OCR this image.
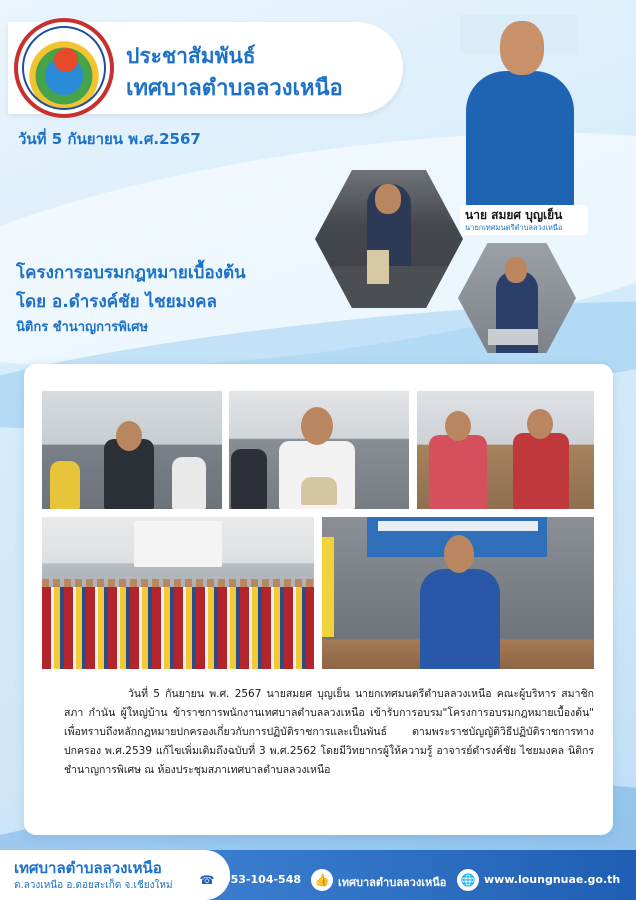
ประชาสัมพันธ์
เทศบาลตำบลลวงเหนือ
วันที่ 5 กันยายน พ.ศ.2567
นาย สมยศ บุญเย็น
นายกเทศมนตรีตำบลลวงเหนือ
โครงการอบรมกฎหมายเบื้องต้น
โดย อ.ดำรงค์ชัย ไชยมงคล
นิติกร ชำนาญการพิเศษ
วันที่ 5 กันยายน พ.ศ. 2567 นายสมยศ บุญเย็น นายกเทศมนตรีตำบลลวงเหนือ คณะผู้บริหาร สมาชิกสภา กำนัน ผู้ใหญ่บ้าน ข้าราชการพนักงานเทศบาลตำบลลวงเหนือ เข้ารับการอบรม"โครงการอบรมกฎหมายเบื้องต้น" เพื่อทราบถึงหลักกฎหมายปกครองเกี่ยวกับการปฏิบัติราชการและเป็นพันธ์ ตามพระราชบัญญัติวิธีปฏิบัติราชการทางปกครอง พ.ศ.2539 แก้ไขเพิ่มเติมถึงฉบับที่ 3 พ.ศ.2562 โดยมีวิทยากรผู้ให้ความรู้ อาจารย์ดำรงค์ชัย ไชยมงคล นิติกรชำนาญการพิเศษ ณ ห้องประชุมสภาเทศบาลตำบลลวงเหนือ
เทศบาลตำบลลวงเหนือ
ต.ลวงเหนือ อ.ดอยสะเก็ด จ.เชียงใหม่ ☎ 053-104-548 👍 เทศบาลตำบลลวงเหนือ 🌐 www.loungnuae.go.th
